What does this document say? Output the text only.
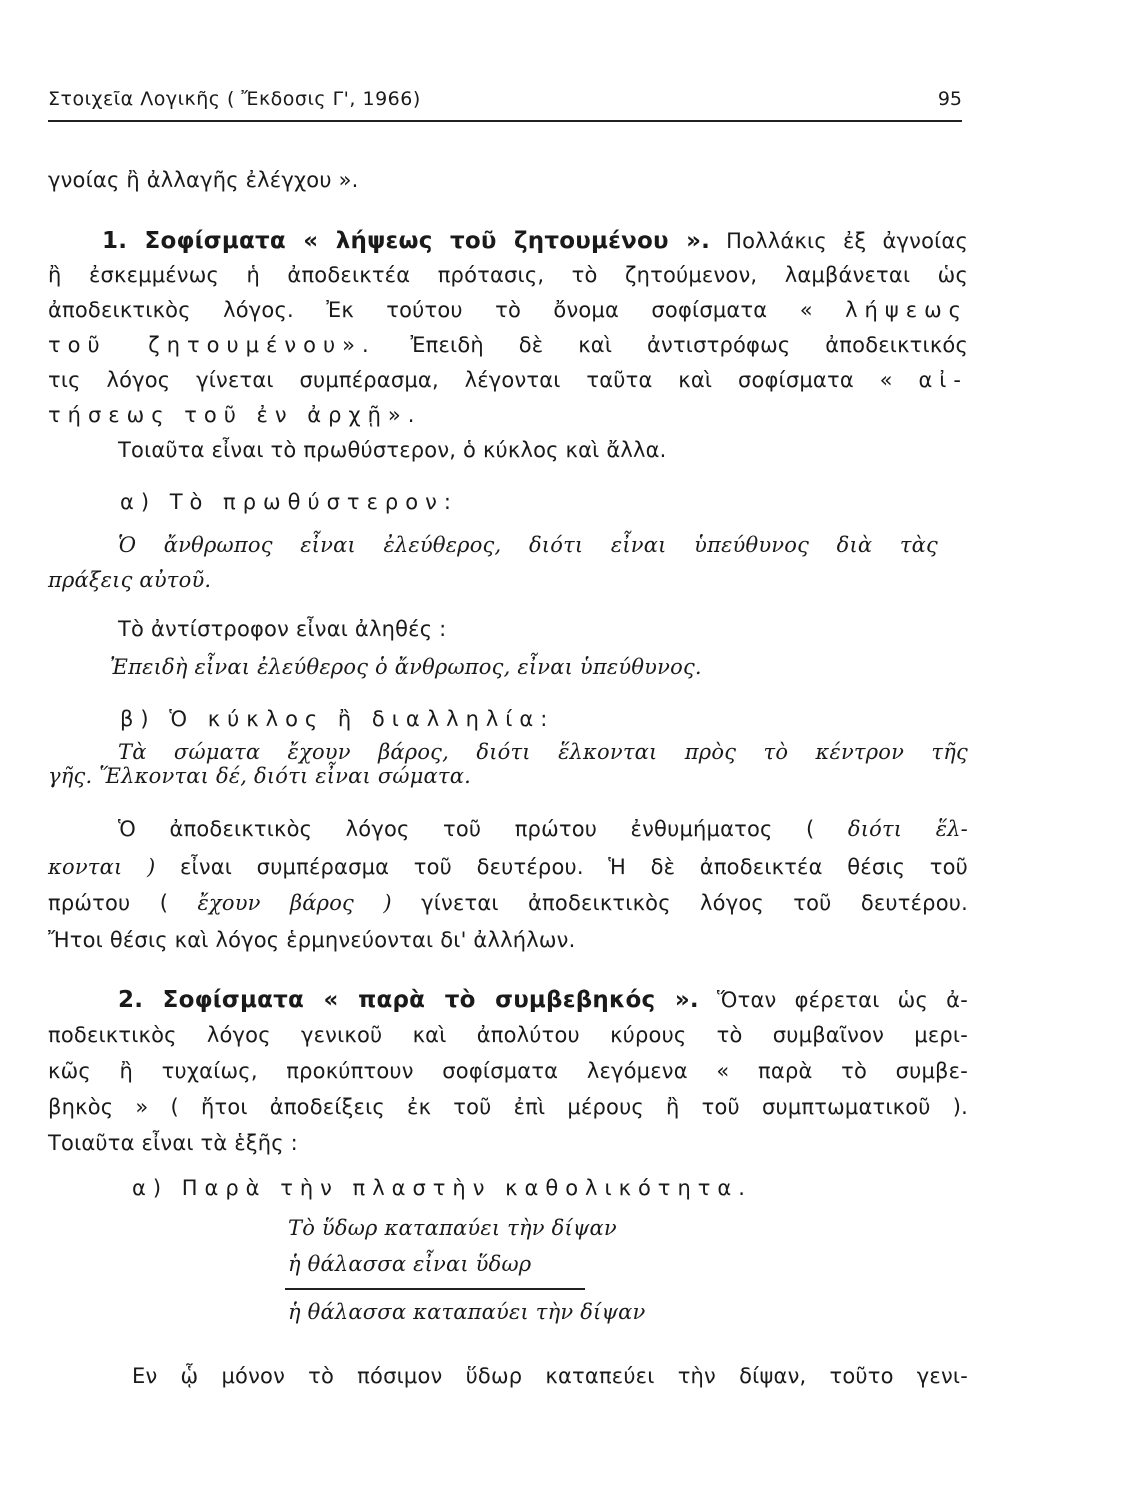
Στοιχεῖα Λογικῆς ( Ἔκδοσις Γ', 1966)	95
γνοίας ἢ ἀλλαγῆς ἐλέγχου ».
1. Σοφίσματα « λήψεως τοῦ ζητουμένου ». Πολλάκις ἐξ ἀγνοίας
ἢ ἐσκεμμένως ἡ ἀποδεικτέα πρότασις, τὸ ζητούμενον, λαμβάνεται ὡς
ἀποδεικτικὸς λόγος. Ἐκ τούτου τὸ ὄνομα σοφίσματα « λήψεως
τοῦ ζητουμένου». Ἐπειδὴ δὲ καὶ ἀντιστρόφως ἀποδεικτικός
τις λόγος γίνεται συμπέρασμα, λέγονται ταῦτα καὶ σοφίσματα « αἰ-
τήσεως τοῦ ἐν ἀρχῇ».
Τοιαῦτα εἶναι τὸ πρωθύστερον, ὁ κύκλος καὶ ἄλλα.
α) Τὸ πρωθύστερον:
Ὁ ἄνθρωπος εἶναι ἐλεύθερος, διότι εἶναι ὑπεύθυνος διὰ τὰς
πράξεις αὐτοῦ.
Τὸ ἀντίστροφον εἶναι ἀληθές :
Ἐπειδὴ εἶναι ἐλεύθερος ὁ ἄνθρωπος, εἶναι ὑπεύθυνος.
β) Ὁ κύκλος ἢ διαλληλία:
Τὰ σώματα ἔχουν βάρος, διότι ἕλκονται πρὸς τὸ κέντρον τῆς
γῆς. Ἕλκονται δέ, διότι εἶναι σώματα.
Ὁ ἀποδεικτικὸς λόγος τοῦ πρώτου ἐνθυμήματος ( διότι ἕλ-
κονται ) εἶναι συμπέρασμα τοῦ δευτέρου. Ἡ δὲ ἀποδεικτέα θέσις τοῦ
πρώτου ( ἔχουν βάρος ) γίνεται ἀποδεικτικὸς λόγος τοῦ δευτέρου.
Ἤτοι θέσις καὶ λόγος ἑρμηνεύονται δι' ἀλλήλων.
2. Σοφίσματα « παρὰ τὸ συμβεβηκός ». Ὅταν φέρεται ὡς ἀ-
ποδεικτικὸς λόγος γενικοῦ καὶ ἀπολύτου κύρους τὸ συμβαῖνον μερι-
κῶς ἢ τυχαίως, προκύπτουν σοφίσματα λεγόμενα « παρὰ τὸ συμβε-
βηκὸς » ( ἤτοι ἀποδείξεις ἐκ τοῦ ἐπὶ μέρους ἢ τοῦ συμπτωματικοῦ ).
Τοιαῦτα εἶναι τὰ ἑξῆς :
α) Παρὰ τὴν πλαστὴν καθολικότητα.
Τὸ ὕδωρ καταπαύει τὴν δίψαν
ἡ θάλασσα εἶναι ὕδωρ
ἡ θάλασσα καταπαύει τὴν δίψαν
Εν ᾧ μόνον τὸ πόσιμον ὕδωρ καταπεύει τὴν δίψαν, τοῦτο γενι-
